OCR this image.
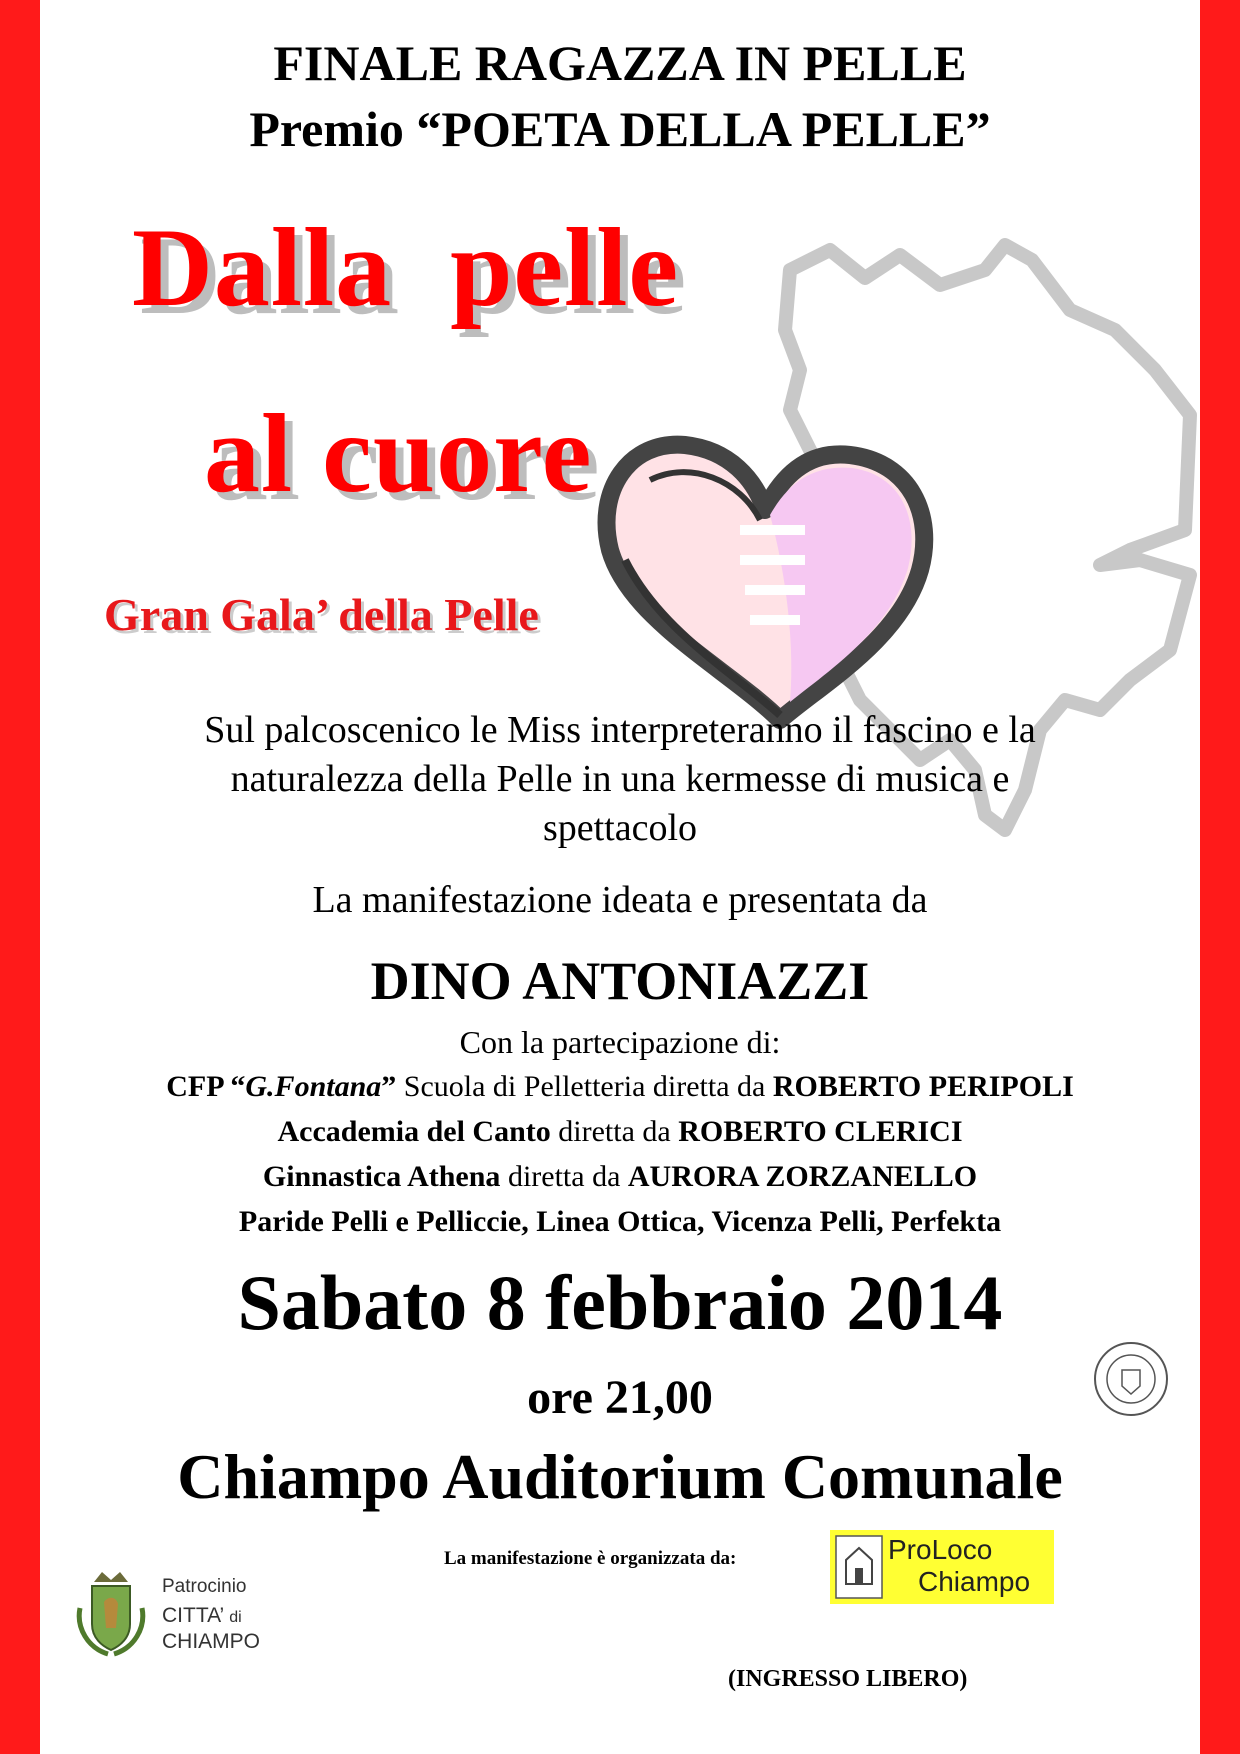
FINALE RAGAZZA IN PELLE
Premio “POETA DELLA PELLE”
Dalla  pelle
al cuore
Gran Gala’ della Pelle
Sul palcoscenico le Miss interpreteranno il fascino e la
naturalezza della Pelle in una kermesse di musica e
spettacolo
La manifestazione ideata e presentata da
DINO ANTONIAZZI
Con la partecipazione di:
CFP “G.Fontana” Scuola di Pelletteria diretta da ROBERTO PERIPOLI
Accademia del Canto diretta da ROBERTO CLERICI
Ginnastica Athena diretta da AURORA ZORZANELLO
Paride Pelli e Pelliccie, Linea Ottica, Vicenza Pelli, Perfekta
Sabato 8 febbraio 2014
ore 21,00
Chiampo Auditorium Comunale
La manifestazione è organizzata da:	ProLoco
Chiampo
Patrocinio
CITTA’ di
CHIAMPO
(INGRESSO LIBERO)
